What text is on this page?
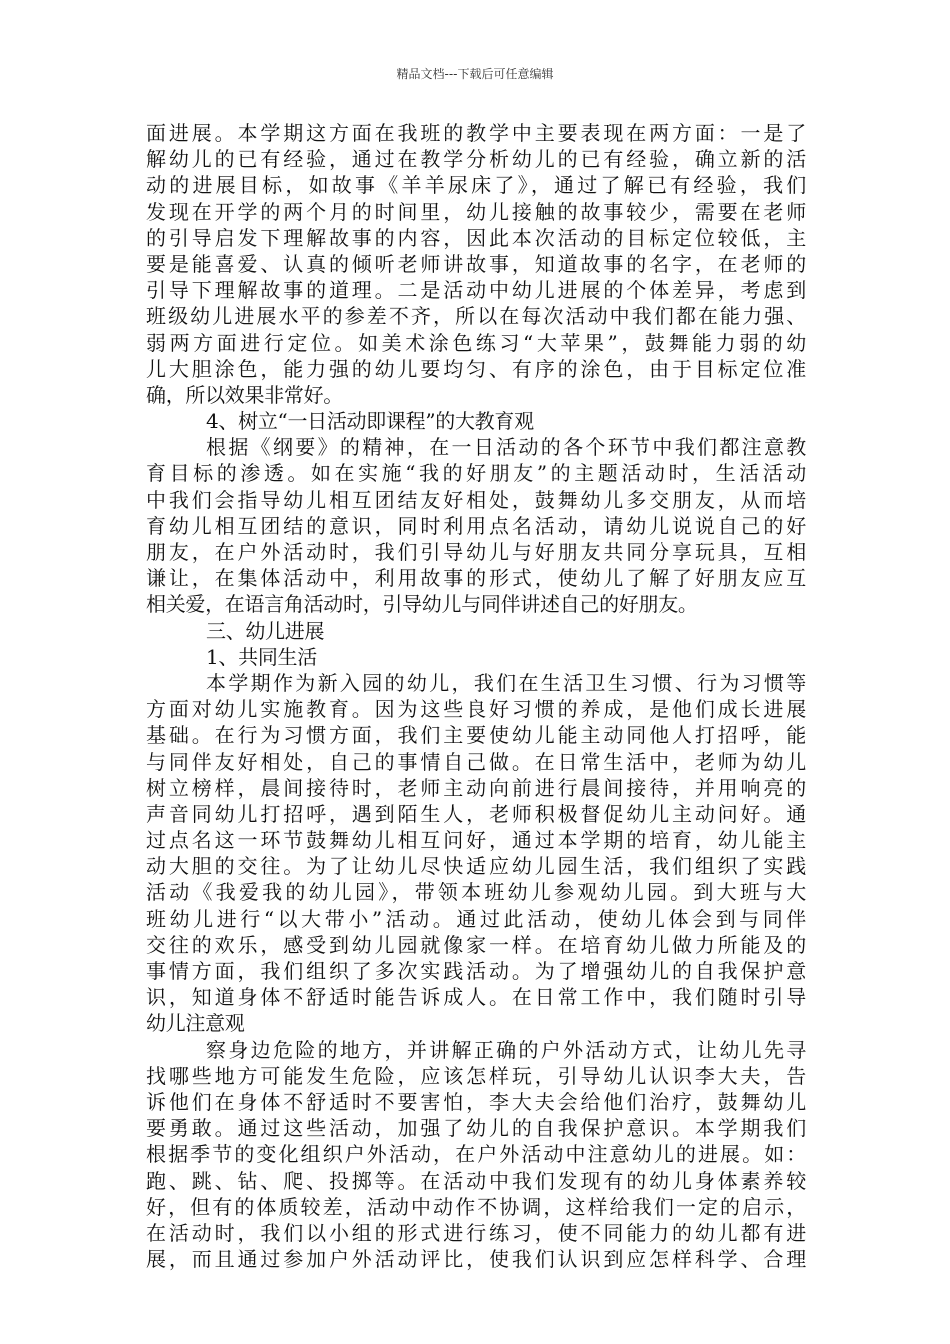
精品文档---下载后可任意编辑
面进展。本学期这方面在我班的教学中主要表现在两方面：一是了
解幼儿的已有经验，通过在教学分析幼儿的已有经验，确立新的活
动的进展目标，如故事《羊羊尿床了》，通过了解已有经验，我们
发现在开学的两个月的时间里，幼儿接触的故事较少，需要在老师
的引导启发下理解故事的内容，因此本次活动的目标定位较低，主
要是能喜爱、认真的倾听老师讲故事，知道故事的名字，在老师的
引导下理解故事的道理。二是活动中幼儿进展的个体差异，考虑到
班级幼儿进展水平的参差不齐，所以在每次活动中我们都在能力强、
弱两方面进行定位。如美术涂色练习“大苹果”，鼓舞能力弱的幼
儿大胆涂色，能力强的幼儿要均匀、有序的涂色，由于目标定位准
确，所以效果非常好。
4、树立“一日活动即课程”的大教育观
根据《纲要》的精神，在一日活动的各个环节中我们都注意教
育目标的渗透。如在实施“我的好朋友”的主题活动时，生活活动
中我们会指导幼儿相互团结友好相处，鼓舞幼儿多交朋友，从而培
育幼儿相互团结的意识，同时利用点名活动，请幼儿说说自己的好
朋友，在户外活动时，我们引导幼儿与好朋友共同分享玩具，互相
谦让，在集体活动中，利用故事的形式，使幼儿了解了好朋友应互
相关爱，在语言角活动时，引导幼儿与同伴讲述自己的好朋友。
三、幼儿进展
1、共同生活
本学期作为新入园的幼儿，我们在生活卫生习惯、行为习惯等
方面对幼儿实施教育。因为这些良好习惯的养成，是他们成长进展
基础。在行为习惯方面，我们主要使幼儿能主动同他人打招呼，能
与同伴友好相处，自己的事情自己做。在日常生活中，老师为幼儿
树立榜样，晨间接待时，老师主动向前进行晨间接待，并用响亮的
声音同幼儿打招呼，遇到陌生人，老师积极督促幼儿主动问好。通
过点名这一环节鼓舞幼儿相互问好，通过本学期的培育，幼儿能主
动大胆的交往。为了让幼儿尽快适应幼儿园生活，我们组织了实践
活动《我爱我的幼儿园》，带领本班幼儿参观幼儿园。到大班与大
班幼儿进行“以大带小”活动。通过此活动，使幼儿体会到与同伴
交往的欢乐，感受到幼儿园就像家一样。在培育幼儿做力所能及的
事情方面，我们组织了多次实践活动。为了增强幼儿的自我保护意
识，知道身体不舒适时能告诉成人。在日常工作中，我们随时引导
幼儿注意观
察身边危险的地方，并讲解正确的户外活动方式，让幼儿先寻
找哪些地方可能发生危险，应该怎样玩，引导幼儿认识李大夫，告
诉他们在身体不舒适时不要害怕，李大夫会给他们治疗，鼓舞幼儿
要勇敢。通过这些活动，加强了幼儿的自我保护意识。本学期我们
根据季节的变化组织户外活动，在户外活动中注意幼儿的进展。如：
跑、跳、钻、爬、投掷等。在活动中我们发现有的幼儿身体素养较
好，但有的体质较差，活动中动作不协调，这样给我们一定的启示，
在活动时，我们以小组的形式进行练习，使不同能力的幼儿都有进
展，而且通过参加户外活动评比，使我们认识到应怎样科学、合理
